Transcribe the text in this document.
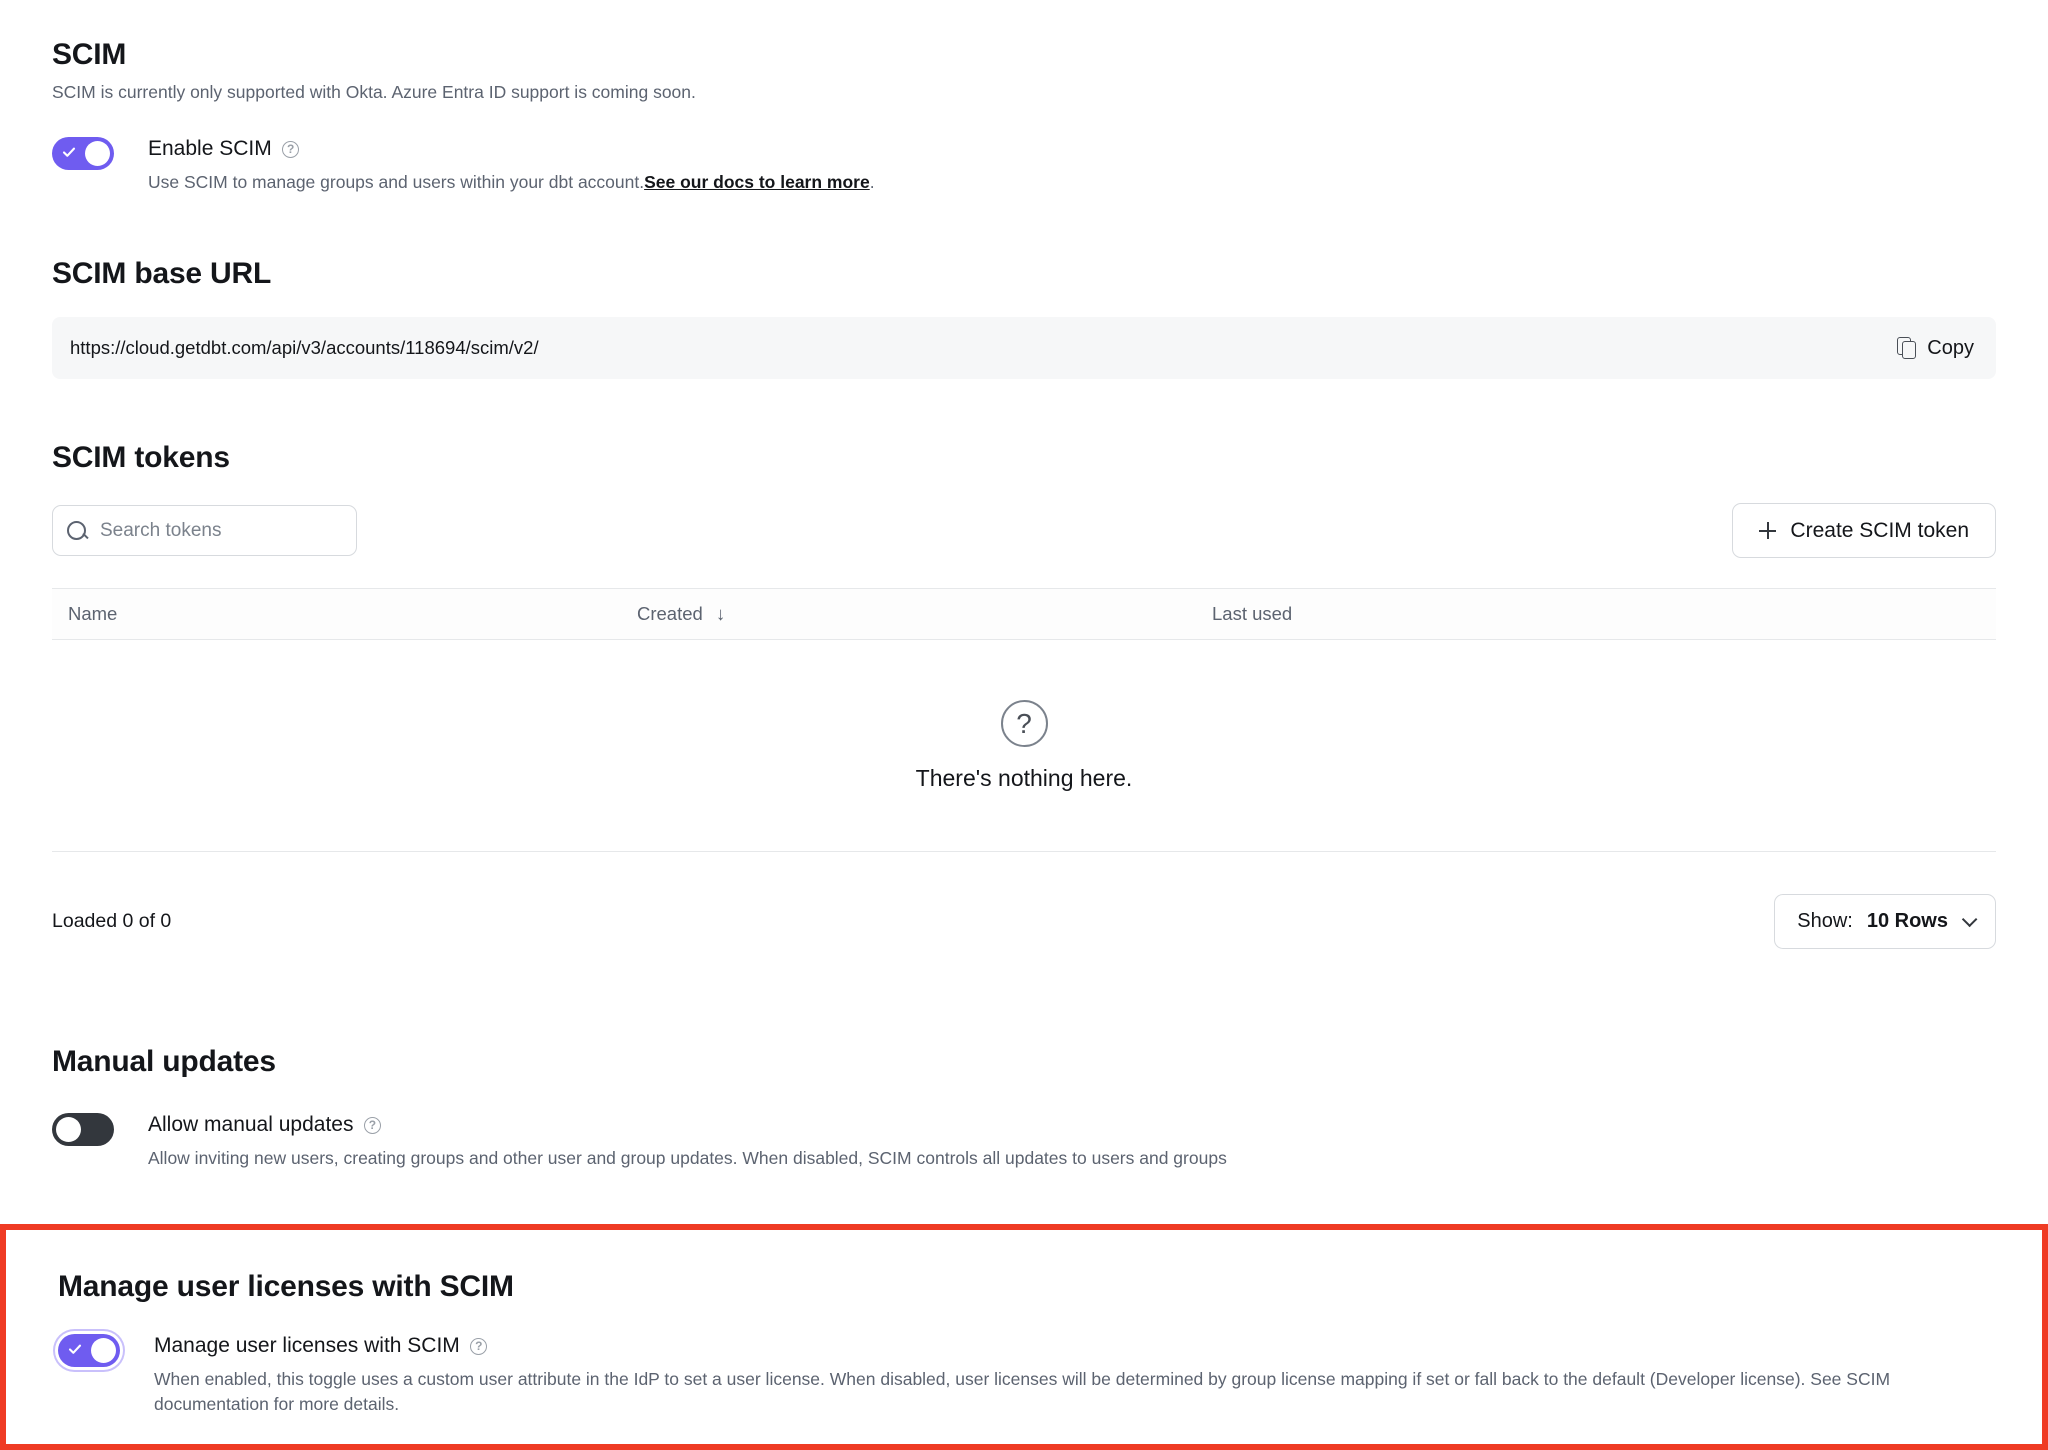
SCIM

SCIM is currently only supported with Okta. Azure Entra ID support is coming soon.

Enable SCIM ?
Use SCIM to manage groups and users within your dbt account.See our docs to learn more.
SCIM base URL
https://cloud.getdbt.com/api/v3/accounts/118694/scim/v2/	Copy
SCIM tokens
Search tokens
Create SCIM token
Name	Created ↓	Last used
?
There's nothing here.
Loaded 0 of 0	Show: 10 Rows
Manual updates
Allow manual updates ?
Allow inviting new users, creating groups and other user and group updates. When disabled, SCIM controls all updates to users and groups
Manage user licenses with SCIM
Manage user licenses with SCIM ?
When enabled, this toggle uses a custom user attribute in the IdP to set a user license. When disabled, user licenses will be determined by group license mapping if set or fall back to the default (Developer license). See SCIM documentation for more details.
